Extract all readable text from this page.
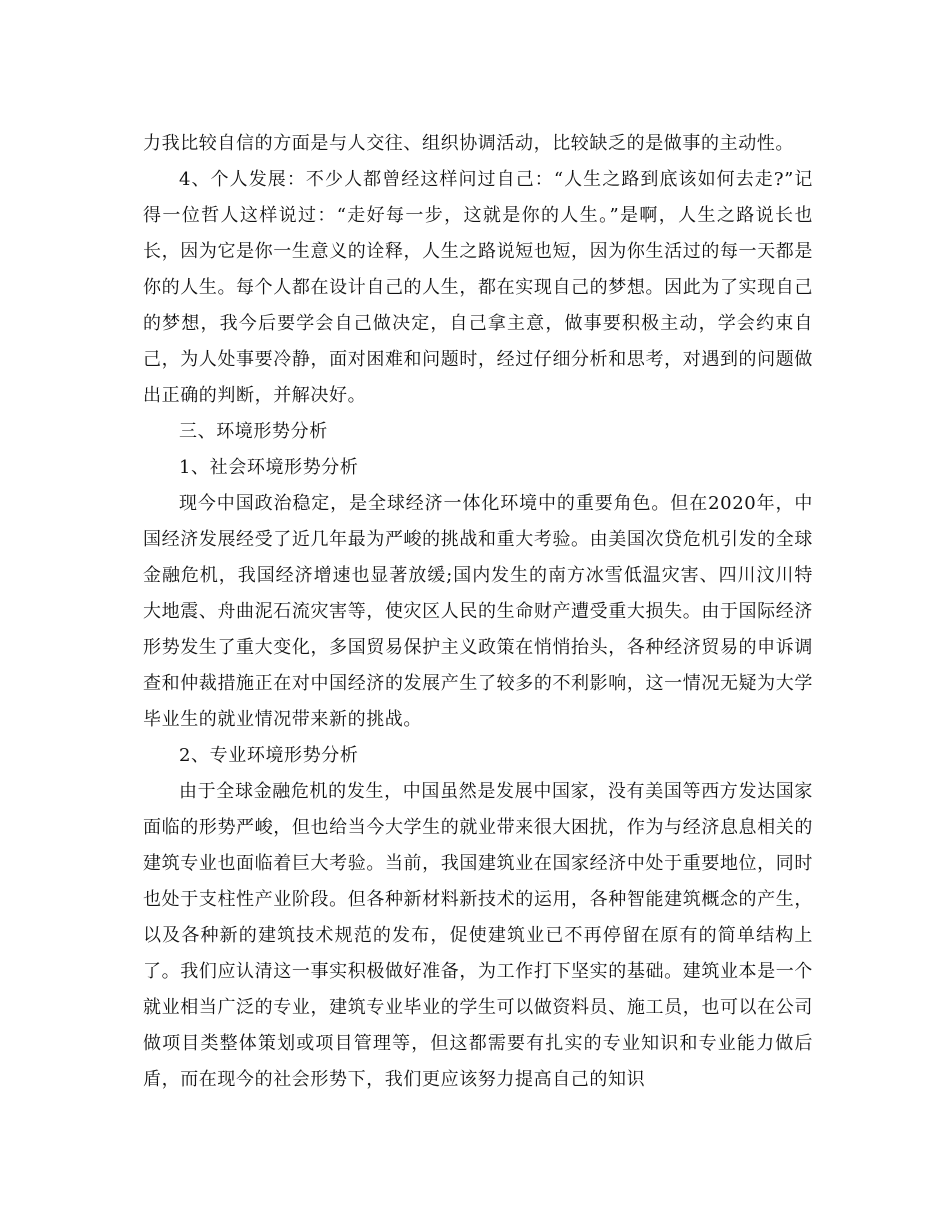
力我比较自信的方面是与人交往、组织协调活动，比较缺乏的是做事的主动性。

4、个人发展：不少人都曾经这样问过自己：“人生之路到底该如何去走?”记得一位哲人这样说过：“走好每一步，这就是你的人生。”是啊，人生之路说长也长，因为它是你一生意义的诠释，人生之路说短也短，因为你生活过的每一天都是你的人生。每个人都在设计自己的人生，都在实现自己的梦想。因此为了实现自己的梦想，我今后要学会自己做决定，自己拿主意，做事要积极主动，学会约束自己，为人处事要冷静，面对困难和问题时，经过仔细分析和思考，对遇到的问题做出正确的判断，并解决好。

三、环境形势分析

1、社会环境形势分析

现今中国政治稳定，是全球经济一体化环境中的重要角色。但在2020年，中国经济发展经受了近几年最为严峻的挑战和重大考验。由美国次贷危机引发的全球金融危机，我国经济增速也显著放缓;国内发生的南方冰雪低温灾害、四川汶川特大地震、舟曲泥石流灾害等，使灾区人民的生命财产遭受重大损失。由于国际经济形势发生了重大变化，多国贸易保护主义政策在悄悄抬头，各种经济贸易的申诉调查和仲裁措施正在对中国经济的发展产生了较多的不利影响，这一情况无疑为大学毕业生的就业情况带来新的挑战。

2、专业环境形势分析

由于全球金融危机的发生，中国虽然是发展中国家，没有美国等西方发达国家面临的形势严峻，但也给当今大学生的就业带来很大困扰，作为与经济息息相关的建筑专业也面临着巨大考验。当前，我国建筑业在国家经济中处于重要地位，同时也处于支柱性产业阶段。但各种新材料新技术的运用，各种智能建筑概念的产生，以及各种新的建筑技术规范的发布，促使建筑业已不再停留在原有的简单结构上了。我们应认清这一事实积极做好准备，为工作打下坚实的基础。建筑业本是一个就业相当广泛的专业，建筑专业毕业的学生可以做资料员、施工员，也可以在公司做项目类整体策划或项目管理等，但这都需要有扎实的专业知识和专业能力做后盾，而在现今的社会形势下，我们更应该努力提高自己的知识
